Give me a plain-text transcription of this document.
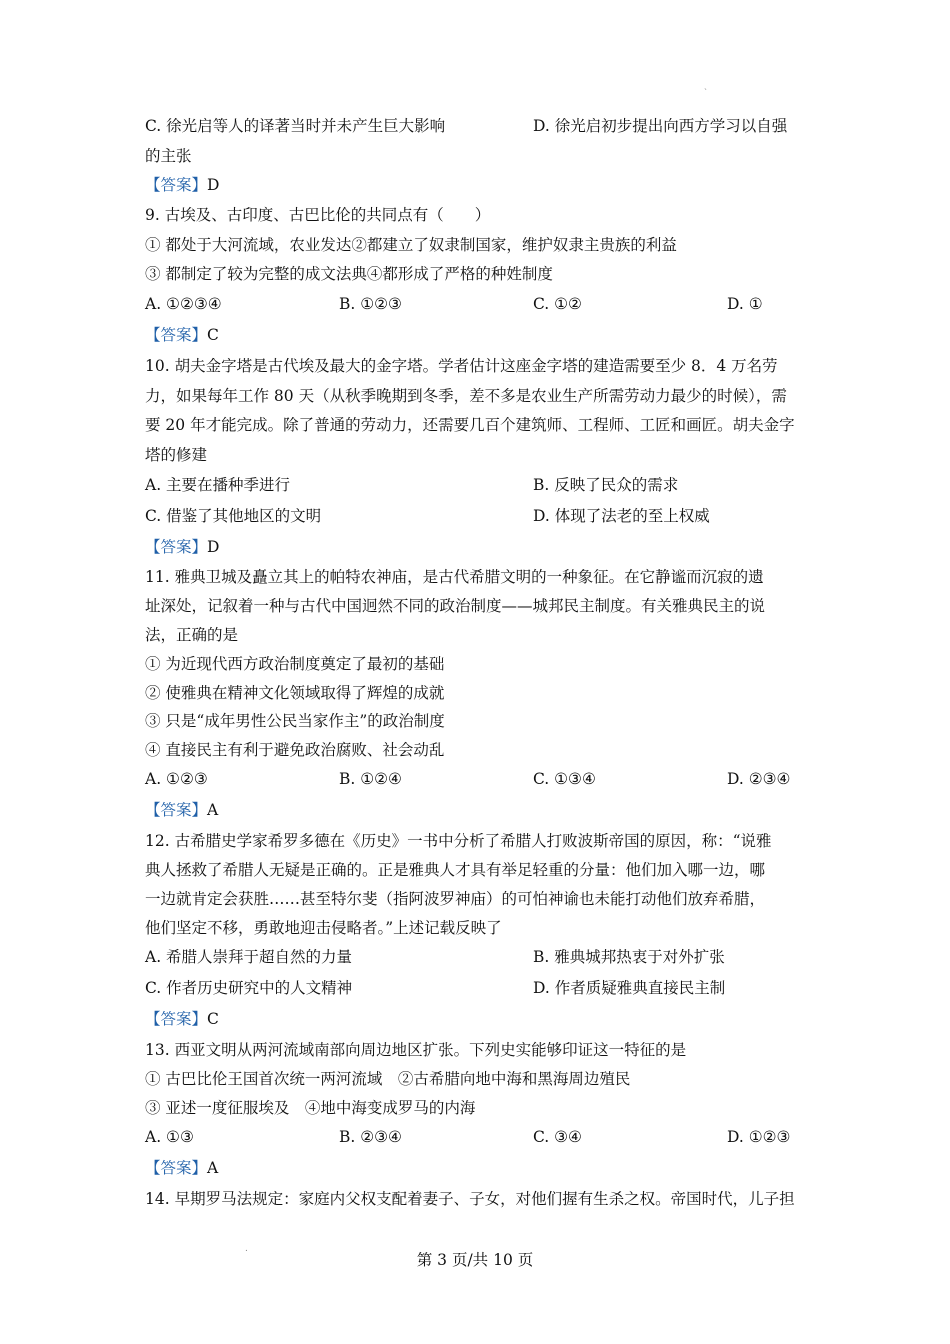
ˎ
C. 徐光启等人的译著当时并未产生巨大影响	D. 徐光启初步提出向西方学习以自强
的主张
【答案】D
9. 古埃及、古印度、古巴比伦的共同点有（　　）
① 都处于大河流域，农业发达②都建立了奴隶制国家，维护奴隶主贵族的利益
③ 都制定了较为完整的成文法典④都形成了严格的种姓制度
A. ①②③④	B. ①②③	C. ①②	D. ①
【答案】C
10. 胡夫金字塔是古代埃及最大的金字塔。学者估计这座金字塔的建造需要至少 8．4 万名劳
力，如果每年工作 80 天（从秋季晚期到冬季，差不多是农业生产所需劳动力最少的时候），需
要 20 年才能完成。除了普通的劳动力，还需要几百个建筑师、工程师、工匠和画匠。胡夫金字
塔的修建
A. 主要在播种季进行	B. 反映了民众的需求
C. 借鉴了其他地区的文明	D. 体现了法老的至上权威
【答案】D
11. 雅典卫城及矗立其上的帕特农神庙，是古代希腊文明的一种象征。在它静谧而沉寂的遗
址深处，记叙着一种与古代中国迥然不同的政治制度——城邦民主制度。有关雅典民主的说
法，正确的是
① 为近现代西方政治制度奠定了最初的基础
② 使雅典在精神文化领域取得了辉煌的成就
③ 只是“成年男性公民当家作主”的政治制度
④ 直接民主有利于避免政治腐败、社会动乱
A. ①②③	B. ①②④	C. ①③④	D. ②③④
【答案】A
12. 古希腊史学家希罗多德在《历史》一书中分析了希腊人打败波斯帝国的原因，称：“说雅
典人拯救了希腊人无疑是正确的。正是雅典人才具有举足轻重的分量：他们加入哪一边，哪
一边就肯定会获胜……甚至特尔斐（指阿波罗神庙）的可怕神谕也未能打动他们放弃希腊，
他们坚定不移，勇敢地迎击侵略者。”上述记载反映了
A. 希腊人崇拜于超自然的力量	B. 雅典城邦热衷于对外扩张
C. 作者历史研究中的人文精神	D. 作者质疑雅典直接民主制
【答案】C
13. 西亚文明从两河流域南部向周边地区扩张。下列史实能够印证这一特征的是
① 古巴比伦王国首次统一两河流域　②古希腊向地中海和黑海周边殖民
③ 亚述一度征服埃及　④地中海变成罗马的内海
A. ①③	B. ②③④	C. ③④	D. ①②③
【答案】A
14. 早期罗马法规定：家庭内父权支配着妻子、子女，对他们握有生杀之权。帝国时代，儿子担
.
第 3 页/共 10 页
